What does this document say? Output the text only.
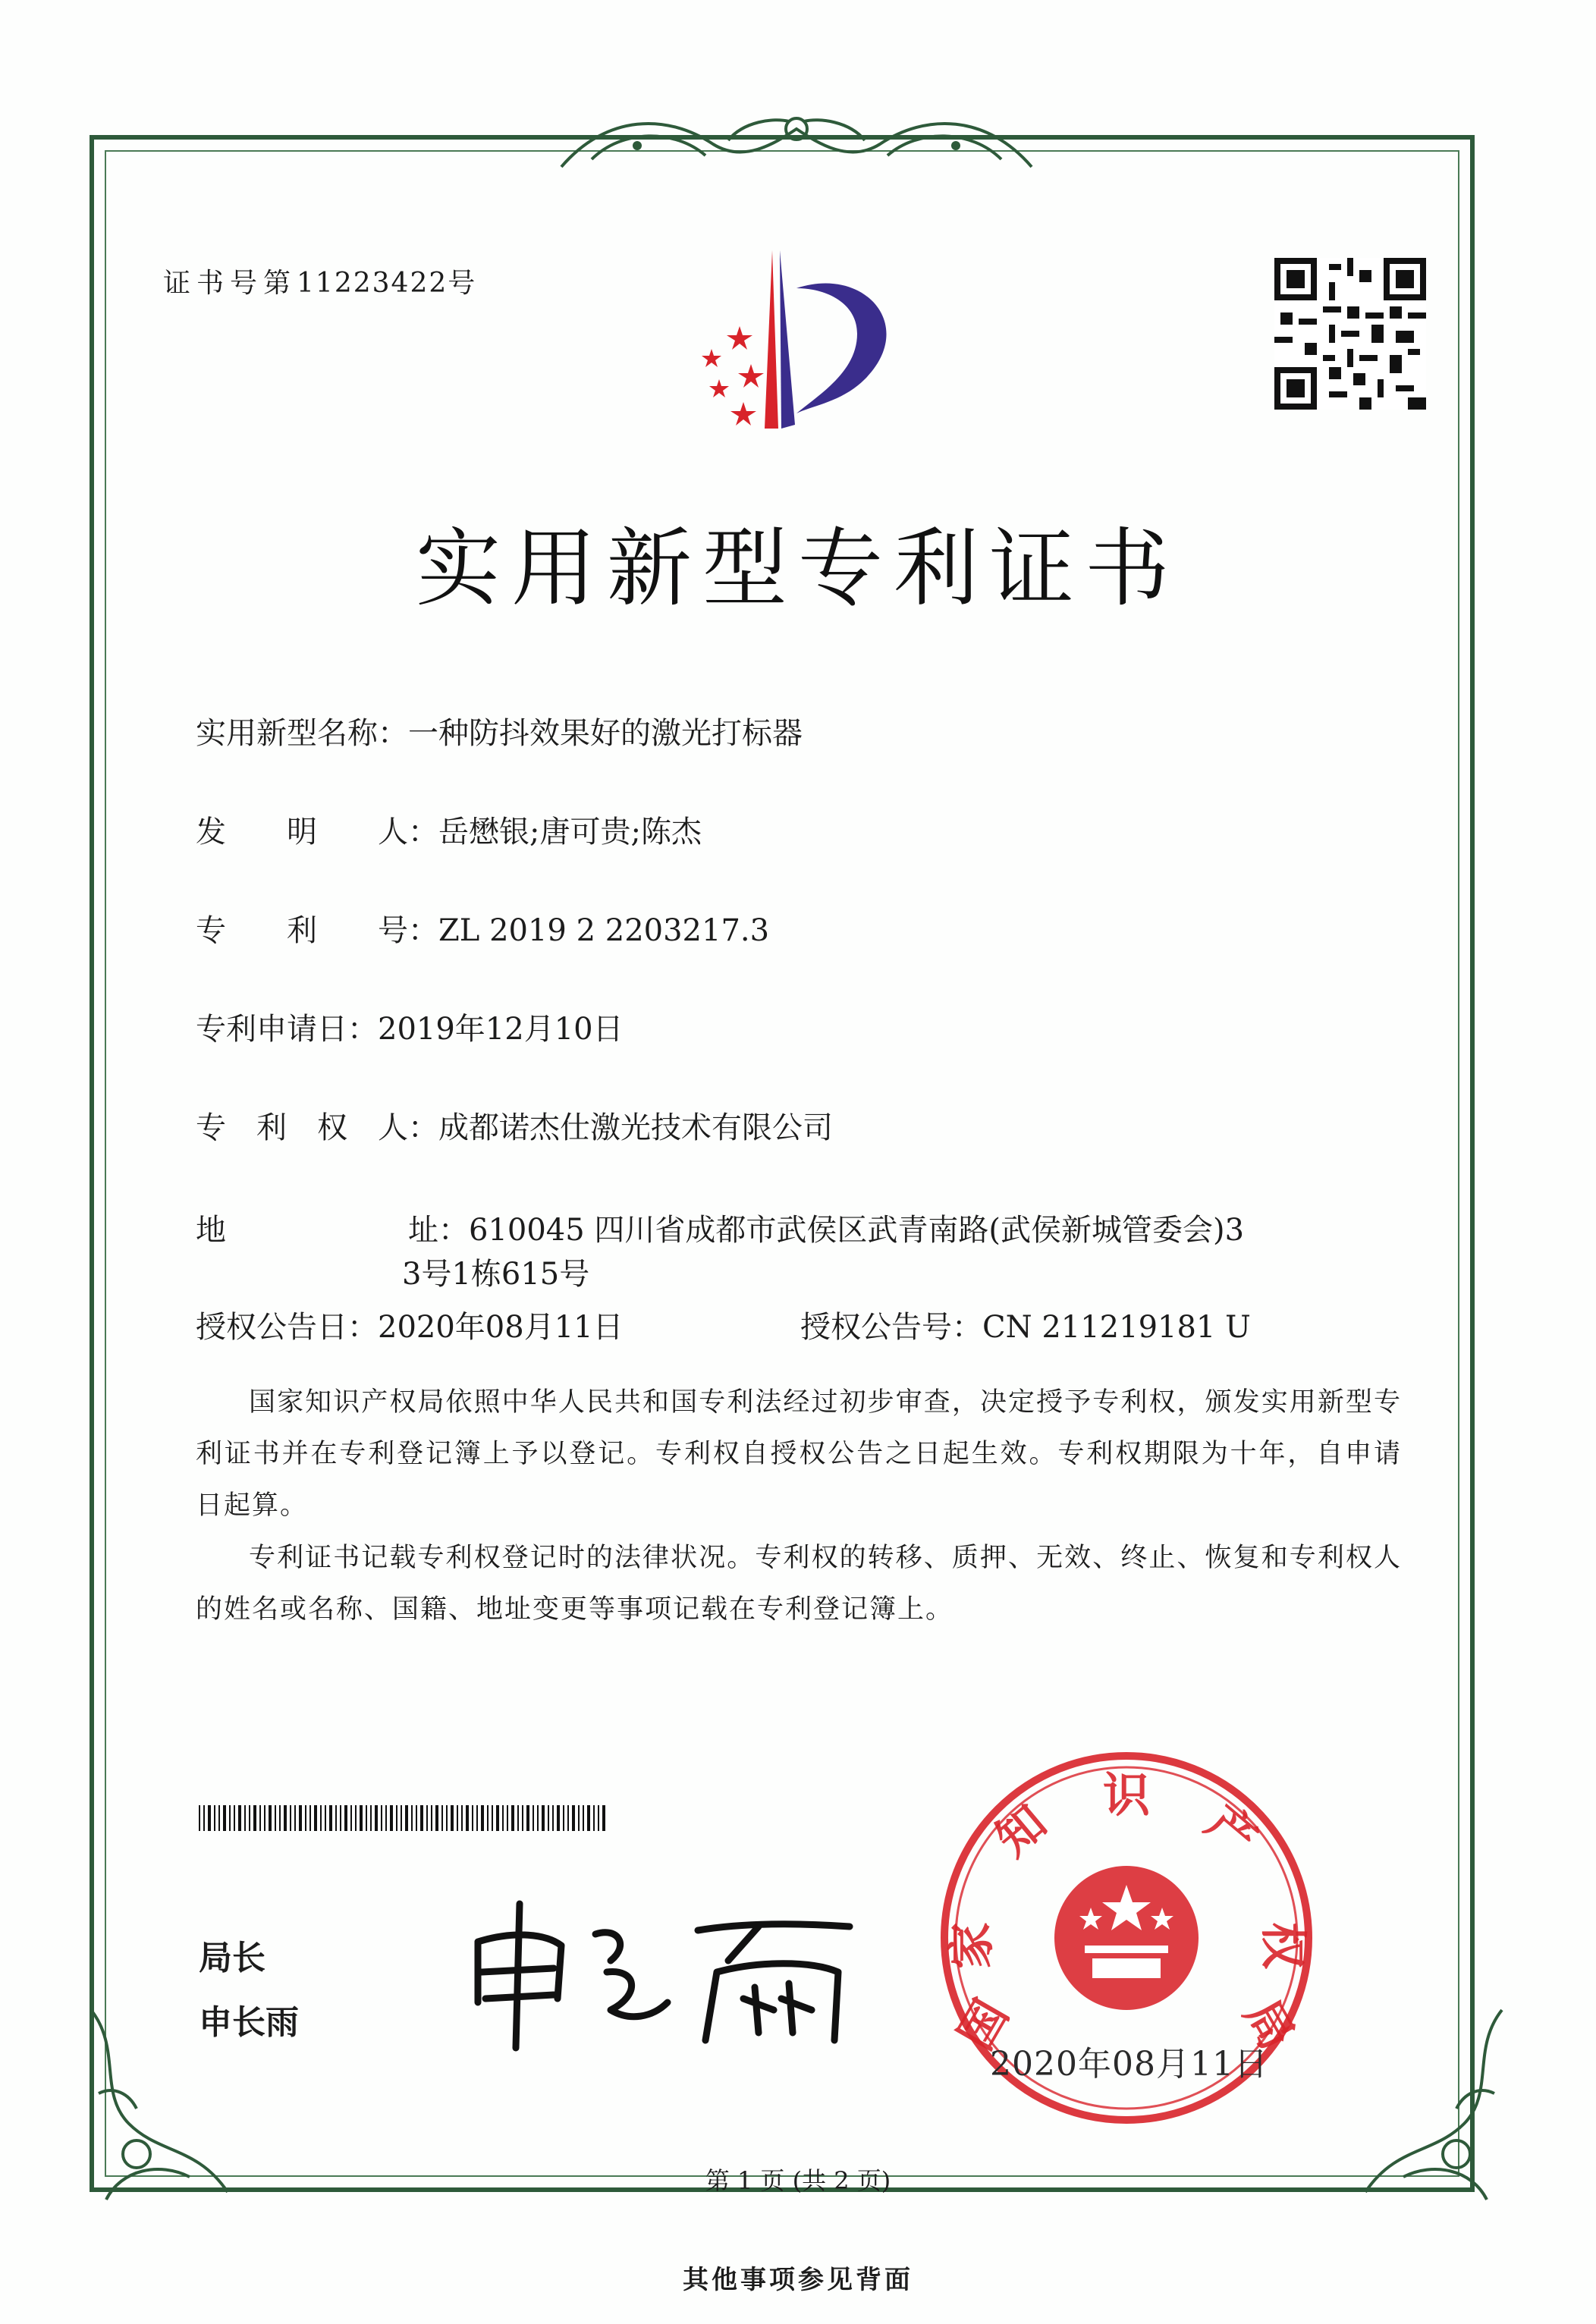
证书号第11223422号
实用新型专利证书
实用新型名称：一种防抖效果好的激光打标器
发　　明　　人：岳懋银;唐可贵;陈杰
专　　利　　号：ZL 2019 2 2203217.3
专利申请日：2019年12月10日
专　利　权　人：成都诺杰仕激光技术有限公司
地　　　　　　址：610045 四川省成都市武侯区武青南路(武侯新城管委会)3
3号1栋615号
授权公告日：2020年08月11日	授权公告号：CN 211219181 U
国家知识产权局依照中华人民共和国专利法经过初步审查，决定授予专利权，颁发实用新型专利证书并在专利登记簿上予以登记。专利权自授权公告之日起生效。专利权期限为十年，自申请日起算。
专利证书记载专利权登记时的法律状况。专利权的转移、质押、无效、终止、恢复和专利权人的姓名或名称、国籍、地址变更等事项记载在专利登记簿上。
局长
申长雨	国
家
知 识 产
权
局
2020年08月11日
第 1 页 (共 2 页)
其他事项参见背面
